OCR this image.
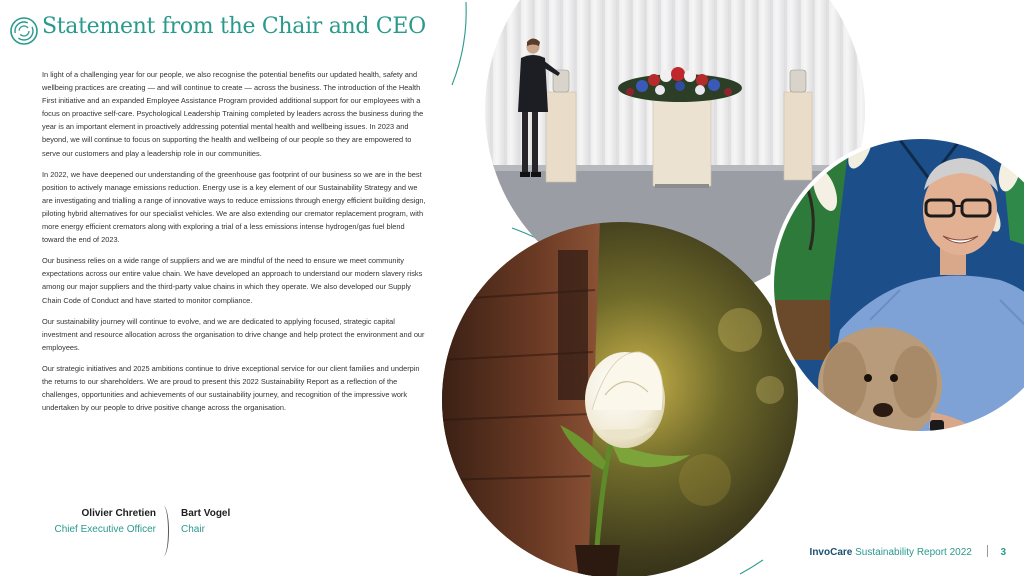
Statement from the Chair and CEO

In light of a challenging year for our people, we also recognise the potential benefits our updated health, safety and wellbeing practices are creating — and will continue to create — across the business. The introduction of the Health First initiative and an expanded Employee Assistance Program provided additional support for our employees with a focus on proactive self-care. Psychological Leadership Training completed by leaders across the business during the year is an important element in proactively addressing potential mental health and wellbeing issues. In 2023 and beyond, we will continue to focus on supporting the health and wellbeing of our people so they are empowered to serve our customers and play a leadership role in our communities.

In 2022, we have deepened our understanding of the greenhouse gas footprint of our business so we are in the best position to actively manage emissions reduction. Energy use is a key element of our Sustainability Strategy and we are investigating and trialling a range of innovative ways to reduce emissions through energy efficient building design, piloting hybrid alternatives for our specialist vehicles. We are also extending our cremator replacement program, with more energy efficient cremators along with exploring a trial of a less emissions intense hydrogen/gas fuel blend toward the end of 2023.

Our business relies on a wide range of suppliers and we are mindful of the need to ensure we meet community expectations across our entire value chain. We have developed an approach to understand our modern slavery risks among our major suppliers and the third-party value chains in which they operate. We also developed our Supply Chain Code of Conduct and have started to monitor compliance.

Our sustainability journey will continue to evolve, and we are dedicated to applying focused, strategic capital investment and resource allocation across the organisation to drive change and help protect the environment and our employees.

Our strategic initiatives and 2025 ambitions continue to drive exceptional service for our client families and underpin the returns to our shareholders. We are proud to present this 2022 Sustainability Report as a reflection of the challenges, opportunities and achievements of our sustainability journey, and recognition of the impressive work undertaken by our people to drive positive change across the organisation.

Olivier Chretien
Chief Executive Officer
Bart Vogel
Chair
InvoCare Sustainability Report 2022	3
